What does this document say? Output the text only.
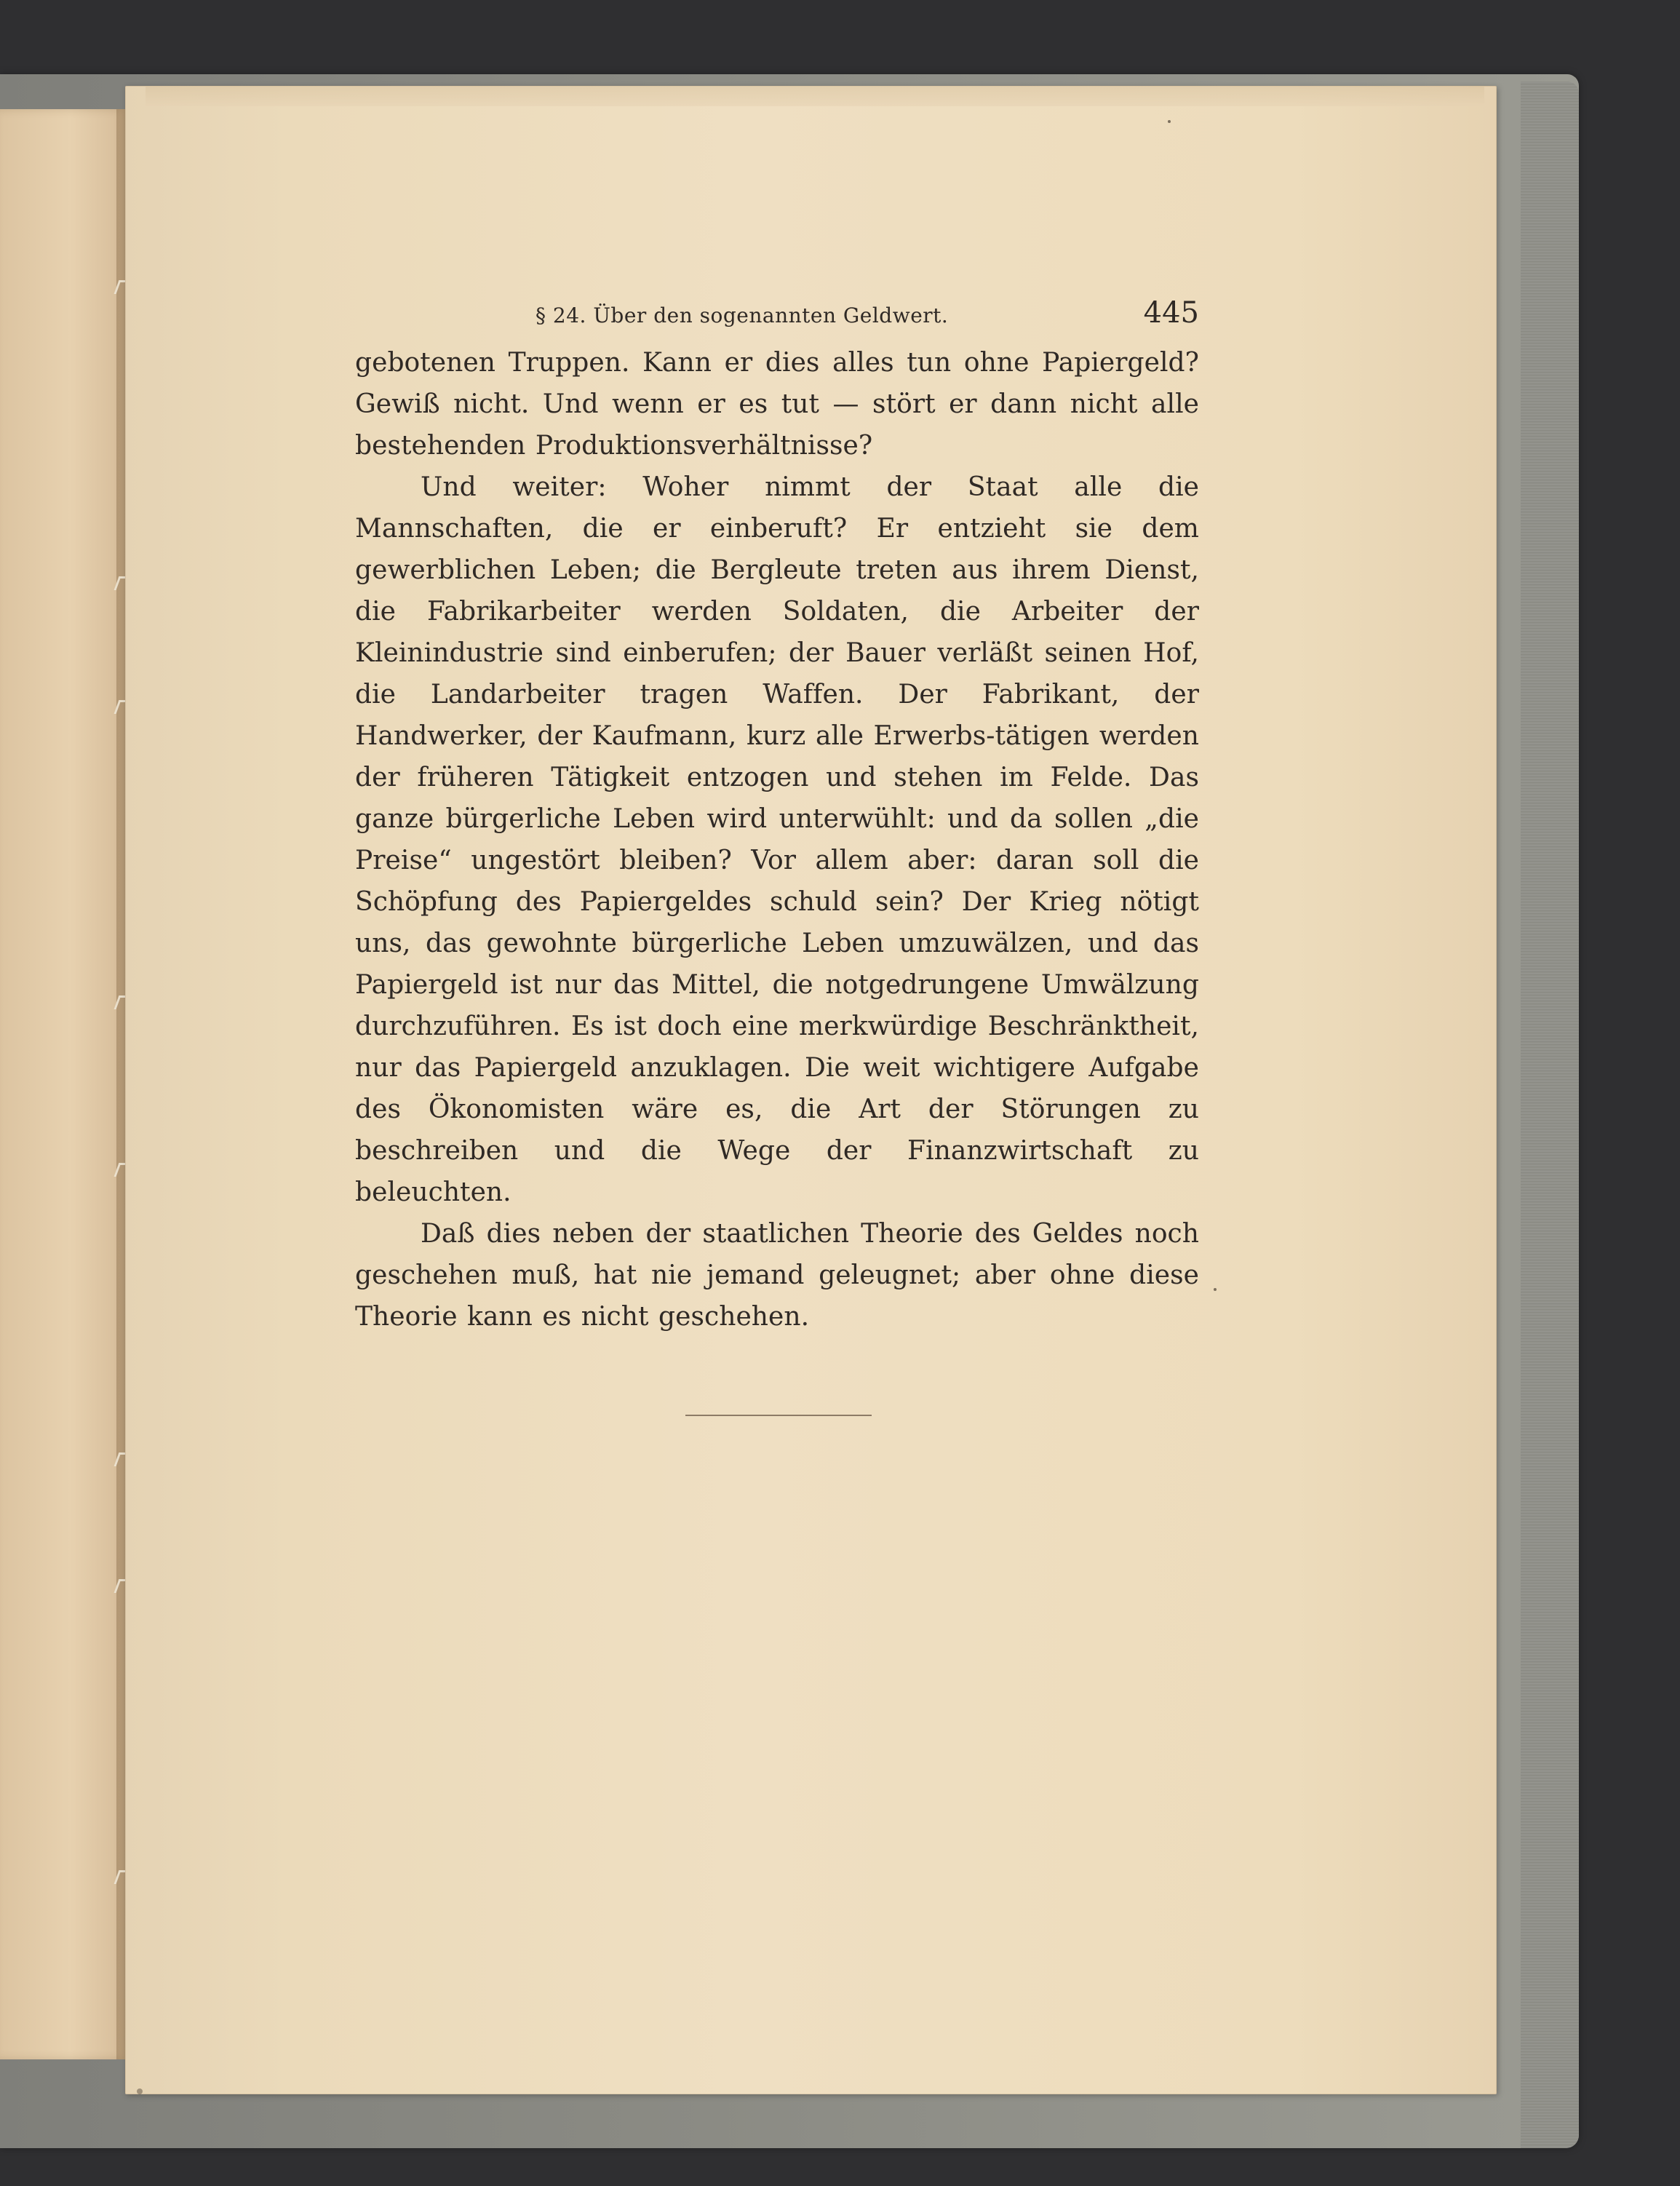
§ 24. Über den sogenannten Geldwert.	445

gebotenen Truppen. Kann er dies alles tun ohne Papiergeld? Gewiß nicht. Und wenn er es tut — stört er dann nicht alle bestehenden Produktionsverhältnisse?

Und weiter: Woher nimmt der Staat alle die Mannschaften, die er einberuft? Er entzieht sie dem gewerblichen Leben; die Bergleute treten aus ihrem Dienst, die Fabrikarbeiter werden Soldaten, die Arbeiter der Kleinindustrie sind einberufen; der Bauer verläßt seinen Hof, die Landarbeiter tragen Waffen. Der Fabrikant, der Handwerker, der Kaufmann, kurz alle Erwerbs-tätigen werden der früheren Tätigkeit entzogen und stehen im Felde. Das ganze bürgerliche Leben wird unterwühlt: und da sollen „die Preise“ ungestört bleiben? Vor allem aber: daran soll die Schöpfung des Papiergeldes schuld sein? Der Krieg nötigt uns, das gewohnte bürgerliche Leben umzuwälzen, und das Papiergeld ist nur das Mittel, die notgedrungene Umwälzung durchzuführen. Es ist doch eine merkwürdige Beschränktheit, nur das Papiergeld anzuklagen. Die weit wichtigere Aufgabe des Ökonomisten wäre es, die Art der Störungen zu beschreiben und die Wege der Finanzwirtschaft zu beleuchten.

Daß dies neben der staatlichen Theorie des Geldes noch geschehen muß, hat nie jemand geleugnet; aber ohne diese Theorie kann es nicht geschehen.
